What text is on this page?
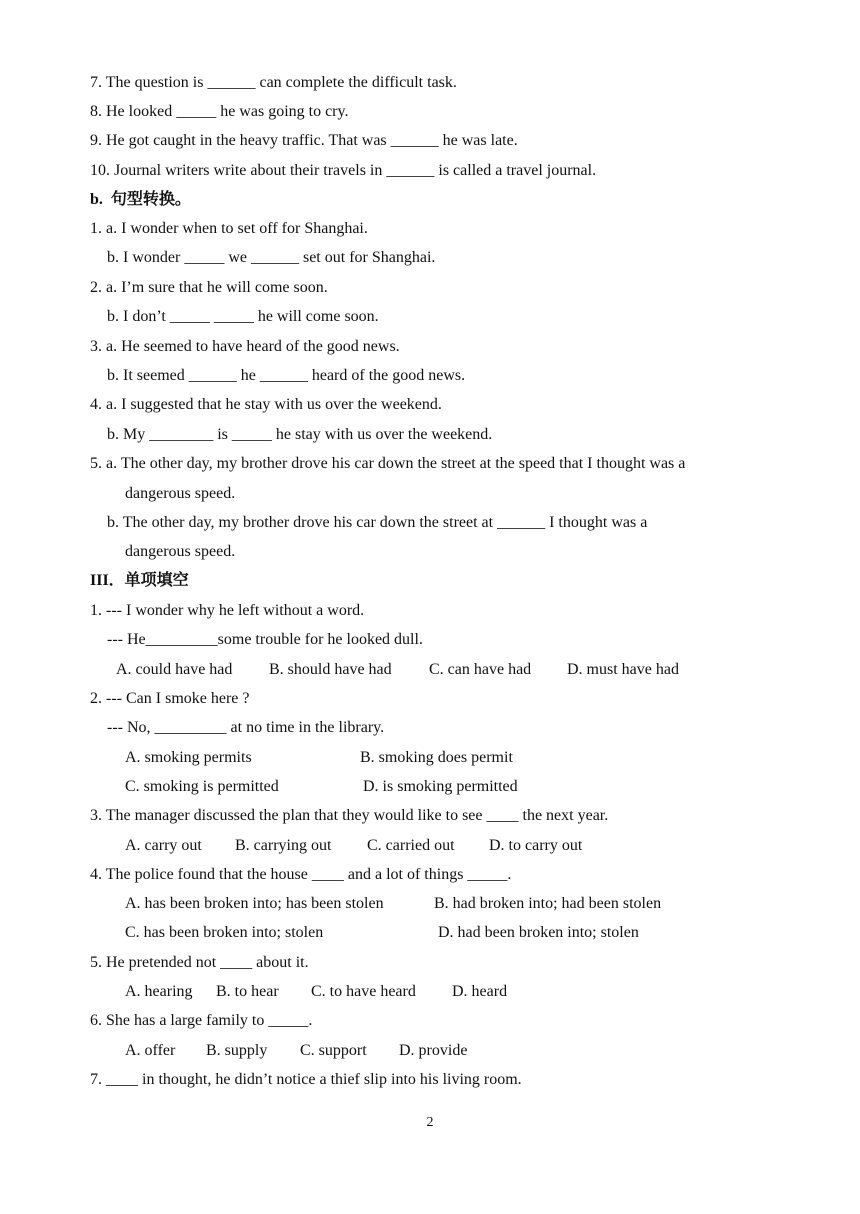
7. The question is ______ can complete the difficult task.
8. He looked _____ he was going to cry.
9. He got caught in the heavy traffic. That was ______ he was late.
10. Journal writers write about their travels in ______ is called a travel journal.
b.  句型转换。
1. a. I wonder when to set off for Shanghai.
b. I wonder _____ we ______ set out for Shanghai.
2. a. I’m sure that he will come soon.
b. I don’t _____ _____ he will come soon.
3. a. He seemed to have heard of the good news.
b. It seemed ______ he ______ heard of the good news.
4. a. I suggested that he stay with us over the weekend.
b. My ________ is _____ he stay with us over the weekend.
5. a. The other day, my brother drove his car down the street at the speed that I thought was a
dangerous speed.
b. The other day, my brother drove his car down the street at ______ I thought was a
dangerous speed.
III．单项填空
1. --- I wonder why he left without a word.
--- He_________some trouble for he looked dull.
A. could have had B. should have had C. can have had D. must have had
2. --- Can I smoke here ?
--- No, _________ at no time in the library.
A. smoking permits	B. smoking does permit
C. smoking is permitted	D. is smoking permitted
3. The manager discussed the plan that they would like to see ____ the next year.
A. carry out B. carrying out C. carried out D. to carry out
4. The police found that the house ____ and a lot of things _____.
A. has been broken into; has been stolen	B. had broken into; had been stolen
C. has been broken into; stolen	D. had been broken into; stolen
5. He pretended not ____ about it.
A. hearing B. to hear C. to have heard D. heard
6. She has a large family to _____.
A. offer B. supply C. support D. provide
7. ____ in thought, he didn’t notice a thief slip into his living room.
2
